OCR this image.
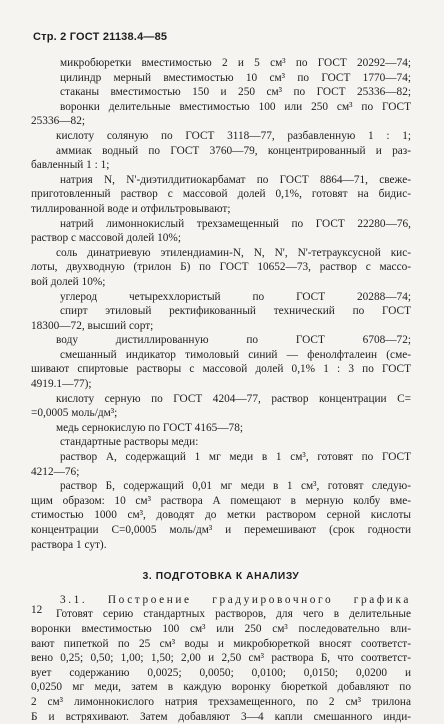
Стр. 2 ГОСТ 21138.4—85
микробюретки вместимостью 2 и 5 см³ по ГОСТ 20292—74;
цилиндр мерный вместимостью 10 см³ по ГОСТ 1770—74;
стаканы вместимостью 150 и 250 см³ по ГОСТ 25336—82;
воронки делительные вместимостью 100 или 250 см³ по ГОСТ
25336—82;
кислоту соляную по ГОСТ 3118—77, разбавленную 1 : 1;
аммиак водный по ГОСТ 3760—79, концентрированный и раз-
бавленный 1 : 1;
натрия N, N'-диэтилдитиокарбамат по ГОСТ 8864—71, свеже-
приготовленный раствор с массовой долей 0,1%, готовят на бидис-
тиллированной воде и отфильтровывают;
натрий лимоннокислый трехзамещенный по ГОСТ 22280—76,
раствор с массовой долей 10%;
соль динатриевую этилендиамин-N, N, N', N'-тетрауксусной кис-
лоты, двухводную (трилон Б) по ГОСТ 10652—73, раствор с массо-
вой долей 10%;
углерод четыреххлористый по ГОСТ 20288—74;
спирт этиловый ректификованный технический по ГОСТ
18300—72, высший сорт;
воду дистиллированную по ГОСТ 6708—72;
смешанный индикатор тимоловый синий — фенолфталеин (сме-
шивают спиртовые растворы с массовой долей 0,1% 1 : 3 по ГОСТ
4919.1—77);
кислоту серную по ГОСТ 4204—77, раствор концентрации C=
=0,0005 моль/дм³;
медь сернокислую по ГОСТ 4165—78;
стандартные растворы меди:
раствор А, содержащий 1 мг меди в 1 см³, готовят по ГОСТ
4212—76;
раствор Б, содержащий 0,01 мг меди в 1 см³, готовят следую-
щим образом: 10 см³ раствора А помещают в мерную колбу вме-
стимостью 1000 см³, доводят до метки раствором серной кислоты
концентрации C=0,0005 моль/дм³ и перемешивают (срок годности
раствора 1 сут).
3. ПОДГОТОВКА К АНАЛИЗУ
3.1. Построение градуировочного графика
Готовят серию стандартных растворов, для чего в делительные
воронки вместимостью 100 см³ или 250 см³ последовательно вли-
вают пипеткой по 25 см³ воды и микробюреткой вносят соответст-
вено 0,25; 0,50; 1,00; 1,50; 2,00 и 2,50 см³ раствора Б, что соответст-
вует содержанию 0,0025; 0,0050; 0,0100; 0,0150; 0,0200 и
0,0250 мг меди, затем в каждую воронку бюреткой добавляют по
2 см³ лимоннокислого натрия трехзамещенного, по 2 см³ трилона
Б и встряхивают. Затем добавляют 3—4 капли смешанного инди-
12
